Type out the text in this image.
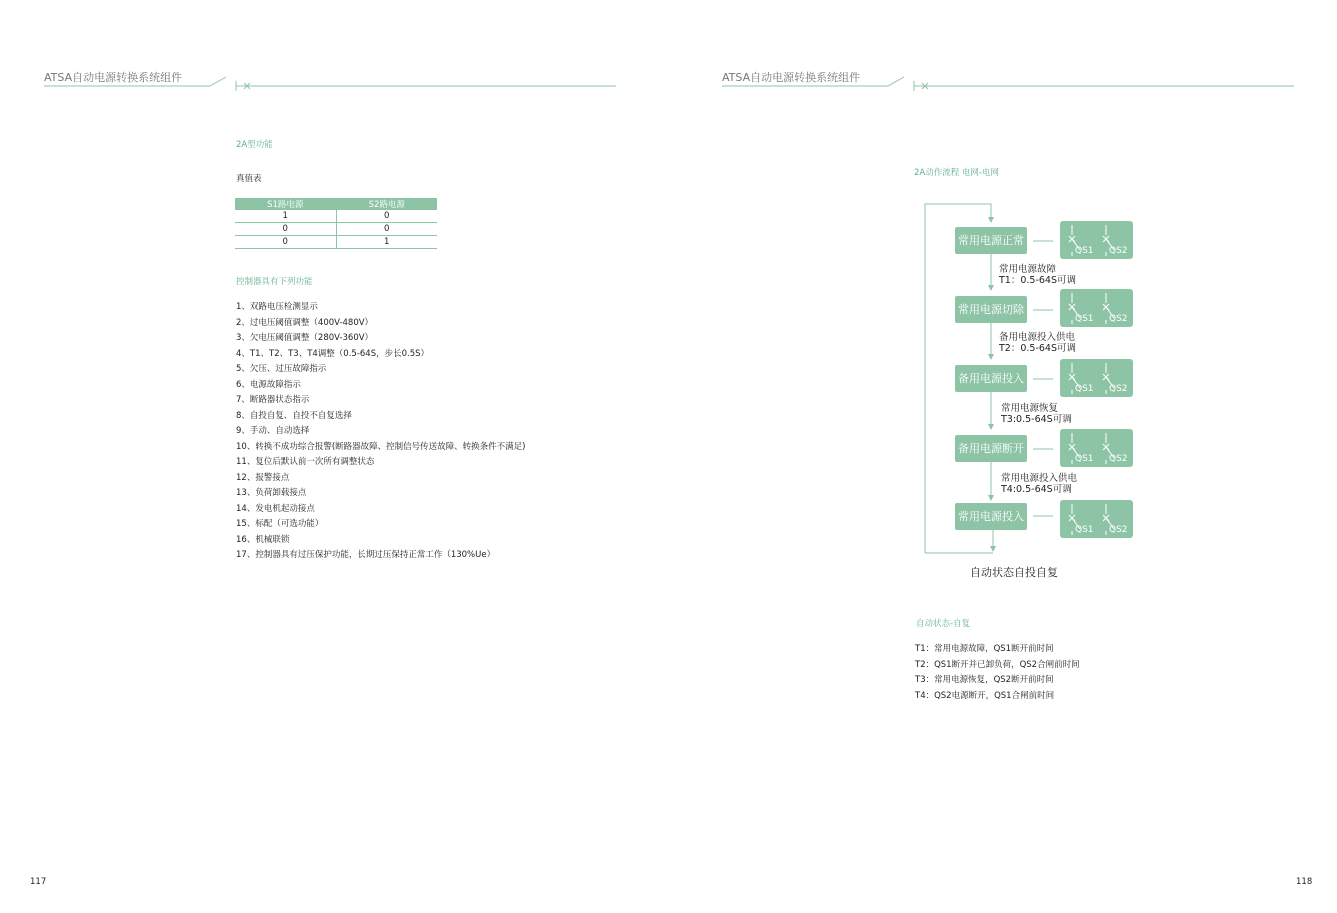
ATSA自动电源转换系统组件
2A型功能
真值表
S1路电源	S2路电源
1	0
0	0
0	1
控制器具有下列功能
1、双路电压检测显示
2、过电压阈值调整（400V-480V）
3、欠电压阈值调整（280V-360V）
4、T1、T2、T3、T4调整（0.5-64S，步长0.5S）
5、欠压、过压故障指示
6、电源故障指示
7、断路器状态指示
8、自投自复、自投不自复选择
9、手动、自动选择
10、转换不成功综合报警(断路器故障、控制信号传送故障、转换条件不满足)
11、复位后默认前一次所有调整状态
12、报警接点
13、负荷卸载接点
14、发电机起动接点
15、标配（可选功能）
16、机械联锁
17、控制器具有过压保护功能，长期过压保持正常工作（130%Ue）
117
ATSA自动电源转换系统组件
2A动作流程 电网-电网
常用电源正常
常用电源切除
备用电源投入
备用电源断开
常用电源投入
QS1 QS2
QS1 QS2
QS1 QS2
QS1 QS2
QS1 QS2
常用电源故障
T1：0.5-64S可调
备用电源投入供电
T2：0.5-64S可调
常用电源恢复
T3:0.5-64S可调
常用电源投入供电
T4:0.5-64S可调
自动状态自投自复
自动状态-自复
T1：常用电源故障，QS1断开前时间
T2：QS1断开并已卸负荷，QS2合闸前时间
T3：常用电源恢复，QS2断开前时间
T4：QS2电源断开，QS1合闸前时间
118
